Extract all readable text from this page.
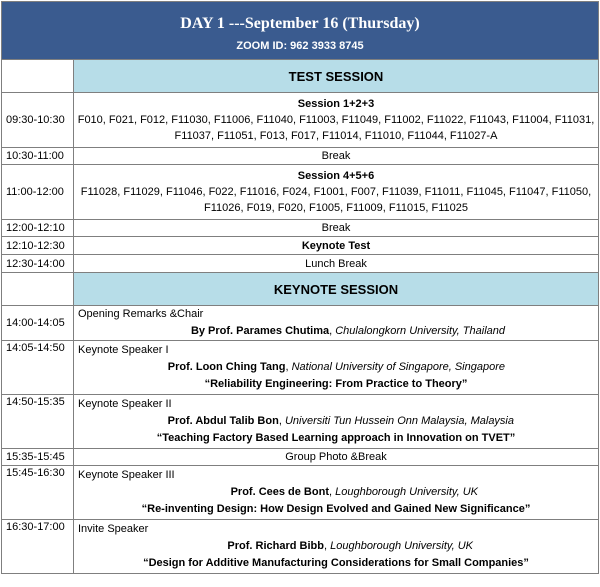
DAY 1 ---September 16 (Thursday)
ZOOM ID: 962 3933 8745	

	TEST SESSION
09:30-10:30	Session 1+2+3
F010, F021, F012, F11030, F11006, F11040, F11003, F11049, F11002, F11022, F11043, F11004, F11031,
F11037, F11051, F013, F017, F11014, F11010, F11044, F11027-A

10:30-11:00	Break
11:00-12:00	Session 4+5+6
F11028, F11029, F11046, F022, F11016, F024, F1001, F007, F11039, F11011, F11045, F11047, F11050,
F11026, F019, F020, F1005, F11009, F11015, F11025

12:00-12:10	Break
12:10-12:30	Keynote Test
12:30-14:00	Lunch Break
	KEYNOTE SESSION
14:00-14:05	Opening Remarks &Chair
By Prof. Parames Chutima, Chulalongkorn University, Thailand

14:05-14:50	Keynote Speaker I
Prof. Loon Ching Tang, National University of Singapore, Singapore
“Reliability Engineering: From Practice to Theory”

14:50-15:35	Keynote Speaker II
Prof. Abdul Talib Bon, Universiti Tun Hussein Onn Malaysia, Malaysia
“Teaching Factory Based Learning approach in Innovation on TVET”

15:35-15:45	Group Photo &Break
15:45-16:30	Keynote Speaker III
Prof. Cees de Bont, Loughborough University, UK
“Re-inventing Design: How Design Evolved and Gained New Significance”

16:30-17:00	Invite Speaker
Prof. Richard Bibb, Loughborough University, UK
“Design for Additive Manufacturing Considerations for Small Companies”
